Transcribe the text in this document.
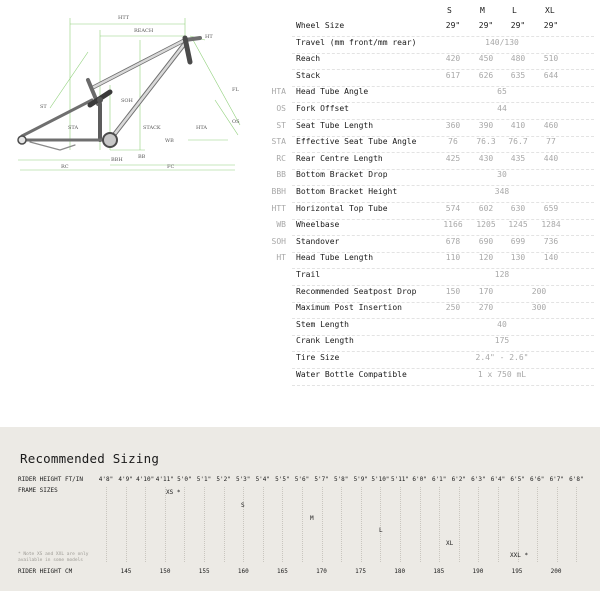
HTT
REACH
HT
FL
ST
SOH
STA	STACK	HTA
OS
RC
BBH	BB
WB
FC
S	M	L	XL
Wheel Size	29" 29" 29" 29"
Travel (mm front/mm rear)	140/130
Reach	420 450 480 510
Stack	617 626 635 644
HTA Head Tube Angle	65
OS Fork Offset	44
ST Seat Tube Length	360 390 410 460
STA Effective Seat Tube Angle	76 76.3 76.7 77
RC Rear Centre Length	425 430 435 440
BB Bottom Bracket Drop	30
BBH Bottom Bracket Height	348
HTT Horizontal Top Tube	574 602 630 659
WB Wheelbase	1166 1205 1245 1284
SOH Standover	678 690 699 736
HT Head Tube Length	110 120 130 140
Trail	128
Recommended Seatpost Drop	150 170	200
Maximum Post Insertion	250 270	300
Stem Length	40
Crank Length	175
Tire Size	2.4" - 2.6"
Water Bottle Compatible	1 x 750 mL
Recommended Sizing
RIDER HEIGHT FT/IN
FRAME SIZES
* Note XS and XXL are only available in some models
RIDER HEIGHT CM
4'8" 4'9" 4'10" 4'11" 5'0" 5'1" 5'2" 5'3" 5'4" 5'5" 5'6" 5'7" 5'8" 5'9" 5'10" 5'11" 6'0" 6'1" 6'2" 6'3" 6'4" 6'5" 6'6" 6'7" 6'8"
145	150	155	160	165	170	175	180	185	190	195	200
XS *
S
M
L
XL
XXL *
